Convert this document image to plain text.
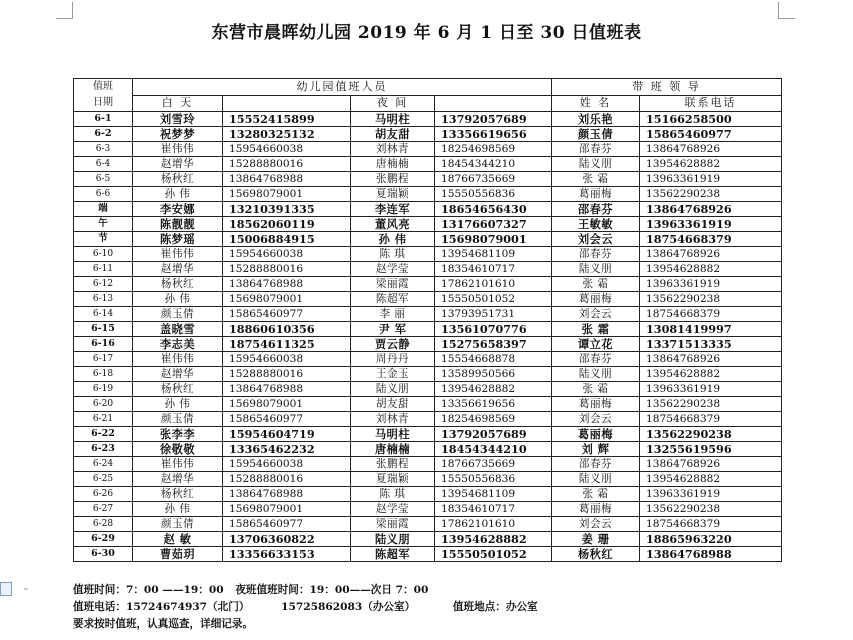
东营市晨晖幼儿园 2019 年 6 月 1 日至 30 日值班表
值班
日期	幼儿园值班人员				带 班 领 导	
	白 天		夜 间		姓 名	联系电话
6-1	刘雪玲	15552415899	马明柱	13792057689	刘乐艳	15166258500
6-2	祝梦梦	13280325132	胡友甜	13356619656	颜玉倩	15865460977
6-3	崔伟伟	15954660038	刘林青	18254698569	邵春芬	13864768926
6-4	赵增华	15288880016	唐楠楠	18454344210	陆义朋	13954628882
6-5	杨秋红	13864768988	张鹏程	18766735669	张 霜	13963361919
6-6	孙 伟	15698079001	夏瑞颖	15550556836	葛丽梅	13562290238
端	李安娜	13210391335	李连军	18654656430	邵春芬	13864768926
午	陈靓靓	18562060119	董风亮	13176607327	王敏敏	13963361919
节	陈梦瑶	15006884915	孙 伟	15698079001	刘会云	18754668379
6-10	崔伟伟	15954660038	陈 琪	13954681109	邵春芬	13864768926
6-11	赵增华	15288880016	赵学莹	18354610717	陆义朋	13954628882
6-12	杨秋红	13864768988	梁丽霞	17862101610	张 霜	13963361919
6-13	孙 伟	15698079001	陈超军	15550501052	葛丽梅	13562290238
6-14	颜玉倩	15865460977	李 丽	13793951731	刘会云	18754668379
6-15	盖晓雪	18860610356	尹 军	13561070776	张 霜	13081419997
6-16	李志美	18754611325	贾云静	15275658397	谭立花	13371513335
6-17	崔伟伟	15954660038	周丹丹	15554668878	邵春芬	13864768926
6-18	赵增华	15288880016	王金玉	13589950566	陆义朋	13954628882
6-19	杨秋红	13864768988	陆义朋	13954628882	张 霜	13963361919
6-20	孙 伟	15698079001	胡友甜	13356619656	葛丽梅	13562290238
6-21	颜玉倩	15865460977	刘林青	18254698569	刘会云	18754668379
6-22	张李李	15954604719	马明柱	13792057689	葛丽梅	13562290238
6-23	徐敬敬	13365462232	唐楠楠	18454344210	刘 辉	13255619596
6-24	崔伟伟	15954660038	张鹏程	18766735669	邵春芬	13864768926
6-25	赵增华	15288880016	夏瑞颖	15550556836	陆义朋	13954628882
6-26	杨秋红	13864768988	陈 琪	13954681109	张 霜	13963361919
6-27	孙 伟	15698079001	赵学莹	18354610717	葛丽梅	13562290238
6-28	颜玉倩	15865460977	梁丽霞	17862101610	刘会云	18754668379
6-29	赵 敏	13706360822	陆义朋	13954628882	姜 珊	18865963220
6-30	曹茹玥	13356633153	陈超军	15550501052	杨秋红	13864768988
⌄	值班时间：7：00 ——19：00 夜班值班时间：19：00——次日 7：00
值班电话：15724674937（北门）	15725862083（办公室）	值班地点：办公室
要求按时值班，认真巡查，详细记录。
